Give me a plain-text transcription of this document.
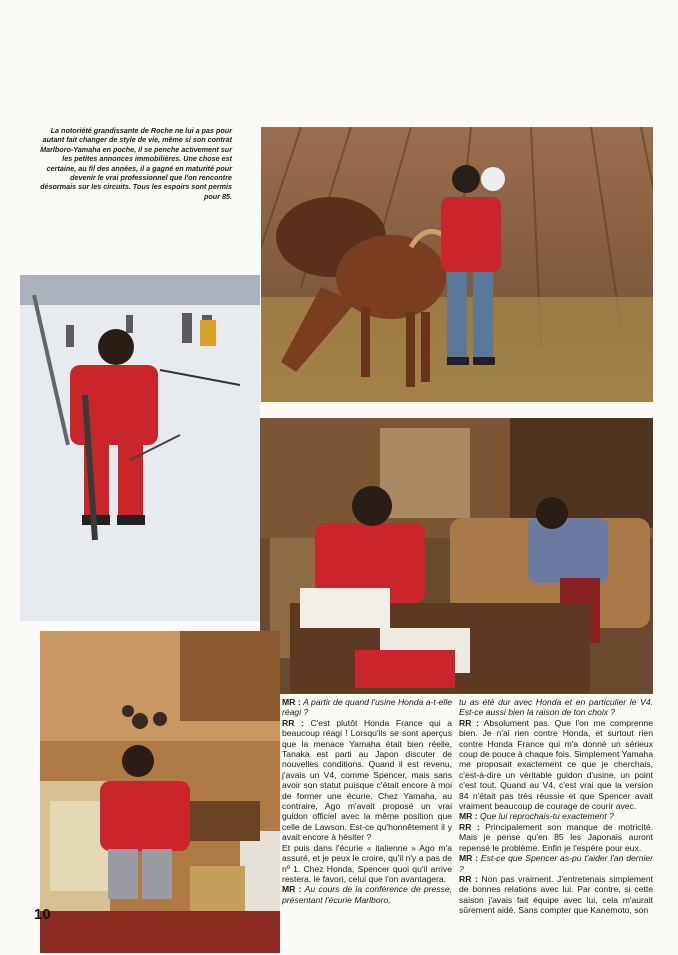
La notoriété grandissante de Roche ne lui a pas pour autant fait changer de style de vie, même si son contrat Marlboro-Yamaha en poche, il se penche activement sur les petites annonces immobilières. Une chose est certaine, au fil des années, il a gagné en maturité pour devenir le vrai professionnel que l'on rencontre désormais sur les circuits. Tous les espoirs sont permis pour 85.

MR : A partir de quand l'usine Honda a-t-elle réagi ?

RR : C'est plutôt Honda France qui a beaucoup réagi ! Lorsqu'ils se sont aperçus que la menace Yamaha était bien réelle, Tanaka est parti au Japon discuter de nouvelles conditions. Quand il est revenu, j'avais un V4, comme Spencer, mais sans avoir son statut puisque c'était encore à moi de former une écurie. Chez Yamaha, au contraire, Ago m'avait proposé un vrai guidon officiel avec la même position que celle de Lawson. Est-ce qu'honnêtement il y avait encore à hésiter ?

Et puis dans l'écurie « italienne » Ago m'a assuré, et je peux le croire, qu'il n'y a pas de nº 1. Chez Honda, Spencer quoi qu'il arrive restera, le favori, celui que l'on avantagera.

MR : Au cours de la conférence de presse, présentant l'écurie Marlboro,

tu as été dur avec Honda et en particulier le V4. Est-ce aussi bien la raison de ton choix ?

RR : Absolument pas. Que l'on me comprenne bien. Je n'ai rien contre Honda, et surtout rien contre Honda France qui m'a donné un sérieux coup de pouce à chaque fois. Simplement Yamaha me proposait exactement ce que je cherchais, c'est-à-dire un véritable guidon d'usine, un point c'est tout. Quand au V4, c'est vrai que la version 84 n'était pas très réussie et que Spencer avait vraiment beaucoup de courage de courir avec.

MR : Que lui reprochais-tu exactement ?

RR : Principalement son manque de motricité. Mais je pense qu'en 85 les Japonais auront repensé le problème. Enfin je l'espère pour eux.

MR : Est-ce que Spencer as-pu t'aider l'an dernier ?

RR : Non pas vraiment. J'entretenais simplement de bonnes relations avec lui. Par contre, si cette saison j'avais fait équipe avec lui, cela m'aurait sûrement aidé. Sans compter que Kanemoto, son

10
